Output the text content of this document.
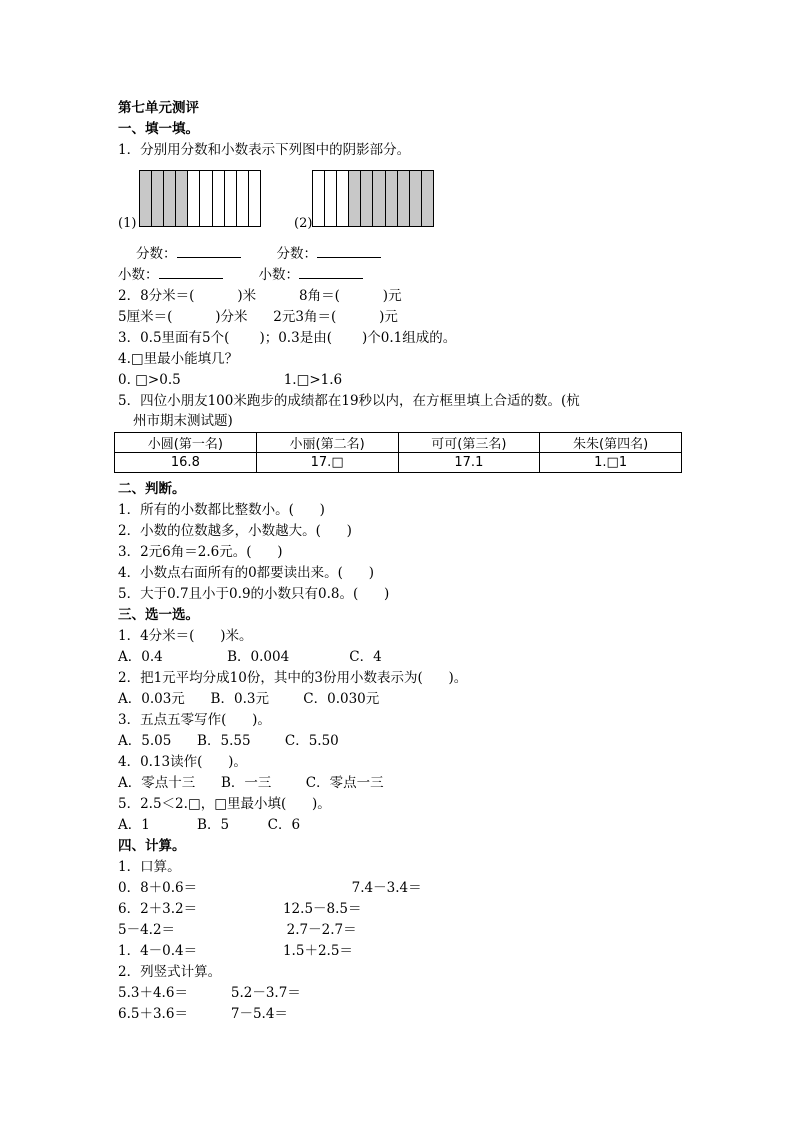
第七单元测评
一、填一填。
1．分别用分数和小数表示下列图中的阴影部分。
(1)	(2)
分数：	分数：
小数：	小数：
2．8分米＝(          )米          8角＝(          )元
5厘米＝(          )分米      2元3角＝(          )元
3．0.5里面有5个(       )；0.3是由(       )个0.1组成的。
4.□里最小能填几？
0. □>0.5                        1.□>1.6
5．四位小朋友100米跑步的成绩都在19秒以内，在方框里填上合适的数。(杭
州市期末测试题)
小圆(第一名)	小丽(第二名)	可可(第三名)	朱朱(第四名)
16.8	17.□	17.1	1.□1
二、判断。
1．所有的小数都比整数小。(      )
2．小数的位数越多，小数越大。(      )
3．2元6角＝2.6元。(      )
4．小数点右面所有的0都要读出来。(      )
5．大于0.7且小于0.9的小数只有0.8。(      )
三、选一选。
1．4分米＝(      )米。
A．0.4               B．0.004              C．4
2．把1元平均分成10份，其中的3份用小数表示为(      )。
A．0.03元      B．0.3元        C．0.030元
3．五点五零写作(      )。
A．5.05      B．5.55        C．5.50
4．0.13读作(      )。
A．零点十三      B．一三        C．零点一三
5．2.5＜2.□，□里最小填(      )。
A．1           B．5         C．6
四、计算。
1．口算。
0．8＋0.6＝                                    7.4－3.4＝
6．2＋3.2＝                    12.5－8.5＝
5－4.2＝                          2.7－2.7＝
1．4－0.4＝                    1.5＋2.5＝
2．列竖式计算。
5.3＋4.6＝          5.2－3.7＝
6.5＋3.6＝          7－5.4＝
